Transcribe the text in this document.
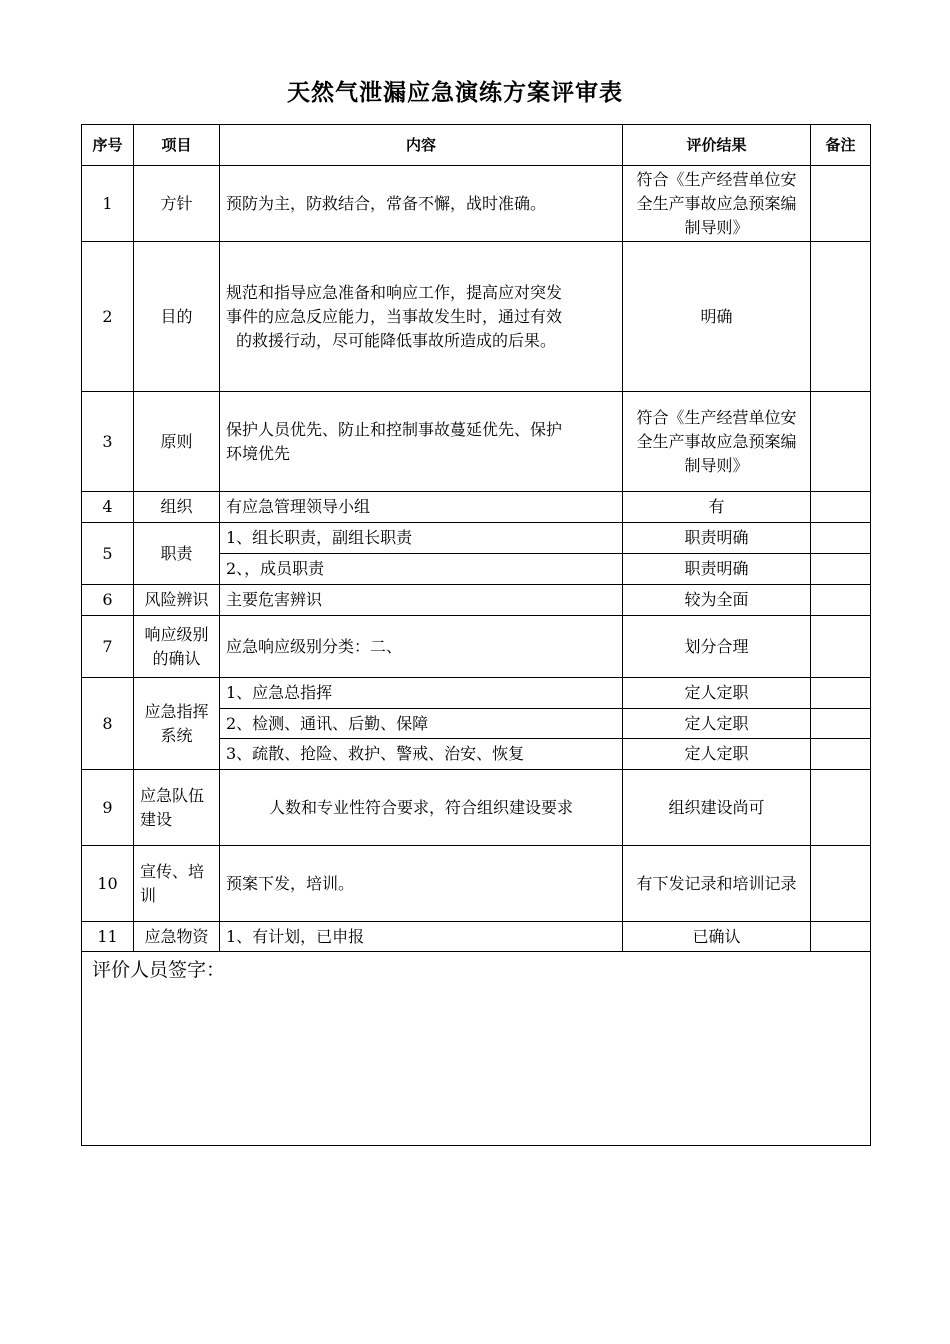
天然气泄漏应急演练方案评审表
序号	项目	内容	评价结果	备注
1	方针	预防为主，防救结合，常备不懈，战时准确。	符合《生产经营单位安全生产事故应急预案编制导则》	
2	目的	规范和指导应急准备和响应工作，提高应对突发
事件的应急反应能力，当事故发生时，通过有效
的救援行动，尽可能降低事故所造成的后果。	明确	
3	原则	保护人员优先、防止和控制事故蔓延优先、保护
环境优先	符合《生产经营单位安全生产事故应急预案编制导则》	
4	组织	有应急管理领导小组	有	
5	职责	1、组长职责，副组长职责	职责明确	
		2、，成员职责	职责明确	
6	风险辨识	主要危害辨识	较为全面	
7	响应级别的确认	应急响应级别分类：二、	划分合理	
8	应急指挥系统	1、应急总指挥	定人定职	
		2、检测、通讯、后勤、保障	定人定职	
		3、疏散、抢险、救护、警戒、治安、恢复	定人定职	
9	应急队伍建设	人数和专业性符合要求，符合组织建设要求	组织建设尚可	
10	宣传、培训	预案下发，培训。	有下发记录和培训记录	
11	应急物资	1、有计划，已申报	已确认	
评价人员签字：				
